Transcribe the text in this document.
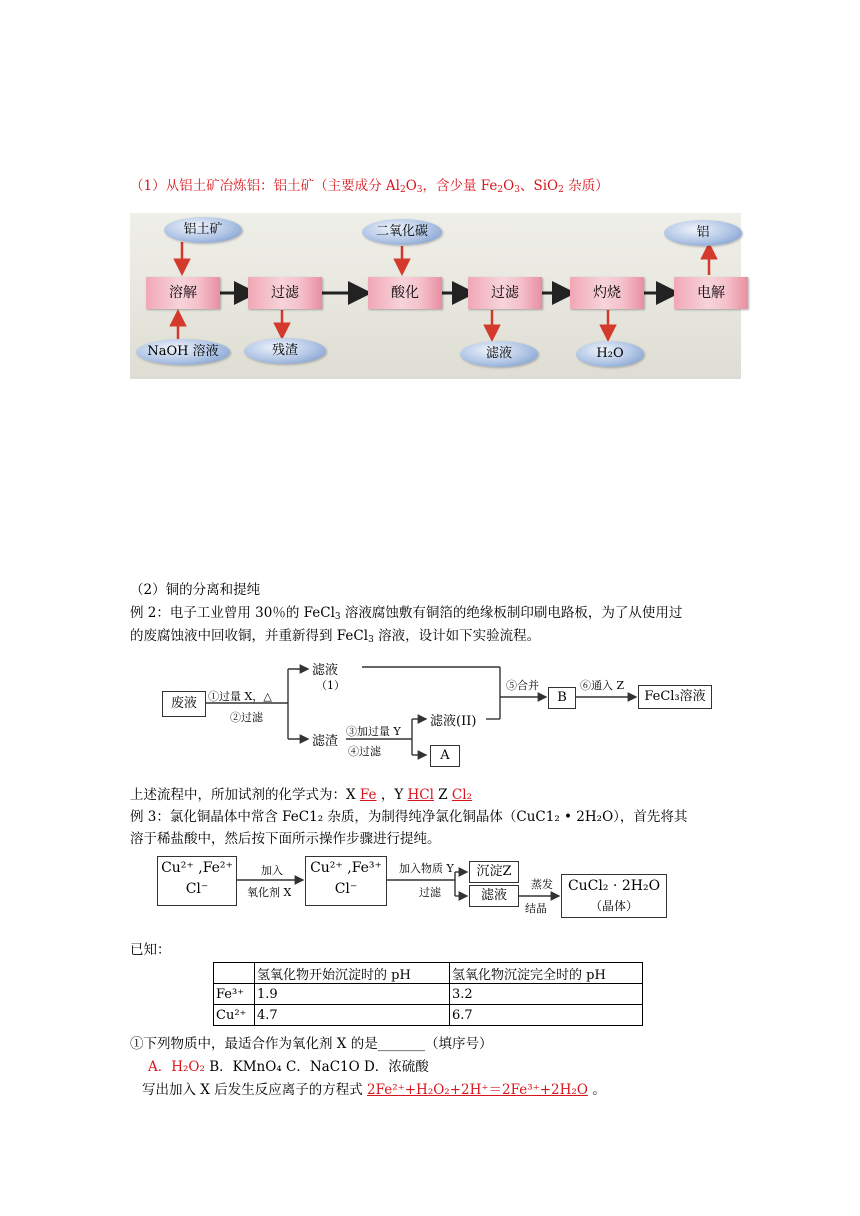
（1）从铝土矿冶炼铝：铝土矿（主要成分 $Al_2O_3$，含少量 $Fe_2O_3$、SiO$_2$ 杂质）
铝土矿	二氧化碳	铝
溶解	过滤	酸化	过滤	灼烧	电解
NaOH 溶液	残渣	滤液	H₂O
（2）铜的分离和提纯
例 2：电子工业曾用 30％的 FeCl$_3$ 溶液腐蚀敷有铜箔的绝缘板制印刷电路板，为了从使用过
的废腐蚀液中回收铜，并重新得到 FeCl$_3$ 溶液，设计如下实验流程。
废液	①过量 X，△
②过滤
滤液
（1）
滤渣
③加过量 Y
④过滤
滤液(II)
A
⑤合并
B
⑥通入 Z
FeCl₃溶液
上述流程中，所加试剂的化学式为：X Fe ，Y HCl Z Cl₂
例 3：氯化铜晶体中常含 FeC1₂ 杂质，为制得纯净氯化铜晶体（CuC1₂ • 2H₂O），首先将其
溶于稀盐酸中，然后按下面所示操作步骤进行提纯。
Cu²⁺ ,Fe²⁺
Cl⁻
加入
氧化剂 X
Cu²⁺ ,Fe³⁺
Cl⁻
加入物质 Y
过滤
沉淀Z
滤液
蒸发
结晶
CuCl₂ · 2H₂O
（晶体）
已知：
	氢氧化物开始沉淀时的 pH	氢氧化物沉淀完全时的 pH
Fe³⁺	1.9	3.2
Cu²⁺	4.7	6.7
①下列物质中，最适合作为氧化剂 X 的是_______（填序号）
A．H₂O₂ B．KMnO₄ C．NaC1O D．浓硫酸
写出加入 X 后发生反应离子的方程式 2Fe²⁺+H₂O₂+2H⁺＝2Fe³⁺+2H₂O 。
